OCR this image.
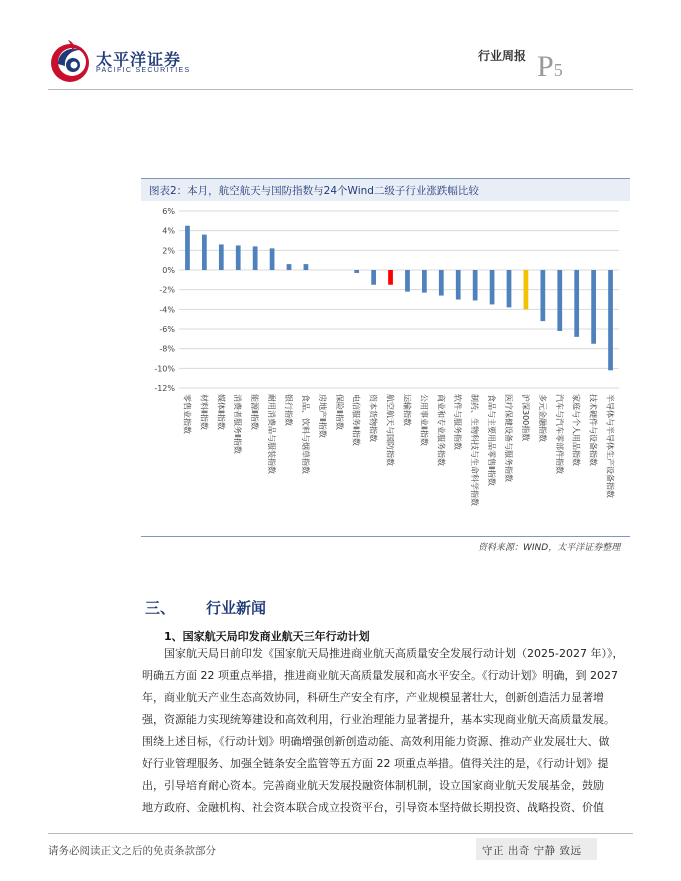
太平洋证券
PACIFIC SECURITIES
行业周报 P5
图表2：本月，航空航天与国防指数与24个Wind二级子行业涨跌幅比较
6%
4%
2%
0%
-2%
-4%
-6%
-8%
-10%
-12%
零售业指数 材料Ⅱ指数 媒体Ⅱ指数 消费者服务Ⅱ指数 能源Ⅱ指数 耐用消费品与服装指数 银行指数 食品、饮料与烟草指数 房地产Ⅱ指数 保险Ⅱ指数 电信服务Ⅱ指数 资本货物指数 航空航天与国防指数 运输指数 公用事业Ⅱ指数 商业和专业服务指数 软件与服务指数 制药、生物科技与生命科学指数 食品与主要用品零售Ⅱ指数 医疗保健设备与服务指数 沪深300指数 多元金融指数 汽车与汽车零部件指数 家庭与个人用品指数 技术硬件与设备指数 半导体与半导体生产设备指数
资料来源：WIND，太平洋证券整理
三、 行业新闻
1、国家航天局印发商业航天三年行动计划
国家航天局日前印发《国家航天局推进商业航天高质量安全发展行动计划（2025-2027 年）》，
明确五方面 22 项重点举措，推进商业航天高质量发展和高水平安全。《行动计划》明确，到 2027
年，商业航天产业生态高效协同，科研生产安全有序，产业规模显著壮大，创新创造活力显著增
强，资源能力实现统筹建设和高效利用，行业治理能力显著提升，基本实现商业航天高质量发展。
围绕上述目标，《行动计划》明确增强创新创造动能、高效利用能力资源、推动产业发展壮大、做
好行业管理服务、加强全链条安全监管等五方面 22 项重点举措。值得关注的是，《行动计划》提
出，引导培育耐心资本。完善商业航天发展投融资体制机制，设立国家商业航天发展基金，鼓励
地方政府、金融机构、社会资本联合成立投资平台，引导资本坚持做长期投资、战略投资、价值
请务必阅读正文之后的免责条款部分	守正 出奇 宁静 致远
